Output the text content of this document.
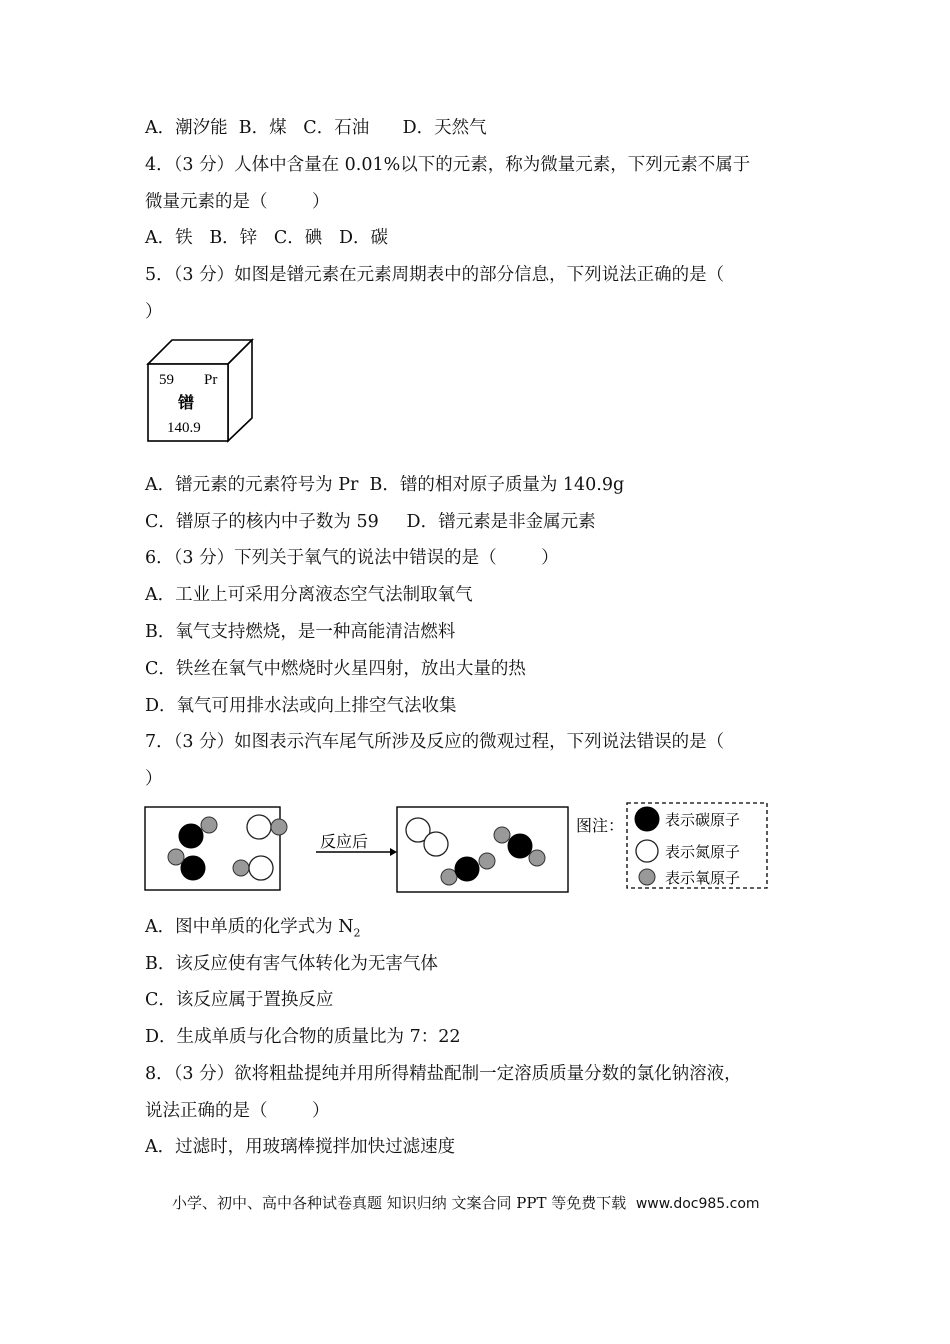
A．潮汐能  B．煤   C．石油      D．天然气
4．（3 分）人体中含量在 0.01%以下的元素，称为微量元素，下列元素不属于
微量元素的是（        ）
A．铁   B．锌   C．碘   D．碳
5．（3 分）如图是镨元素在元素周期表中的部分信息，下列说法正确的是（
）
59 Pr
镨
140.9
A．镨元素的元素符号为 Pr  B．镨的相对原子质量为 140.9g
C．镨原子的核内中子数为 59     D．镨元素是非金属元素
6．（3 分）下列关于氧气的说法中错误的是（        ）
A．工业上可采用分离液态空气法制取氧气
B．氧气支持燃烧，是一种高能清洁燃料
C．铁丝在氧气中燃烧时火星四射，放出大量的热
D．氧气可用排水法或向上排空气法收集
7．（3 分）如图表示汽车尾气所涉及反应的微观过程，下列说法错误的是（
）
反应后
图注：	表示碳原子
表示氮原子
表示氧原子
A．图中单质的化学式为 $N_2$
B．该反应使有害气体转化为无害气体
C．该反应属于置换反应
D．生成单质与化合物的质量比为 7：22
8．（3 分）欲将粗盐提纯并用所得精盐配制一定溶质质量分数的氯化钠溶液，
说法正确的是（        ）
A．过滤时，用玻璃棒搅拌加快过滤速度
小学、初中、高中各种试卷真题 知识归纳 文案合同 PPT 等免费下载  www.doc985.com
